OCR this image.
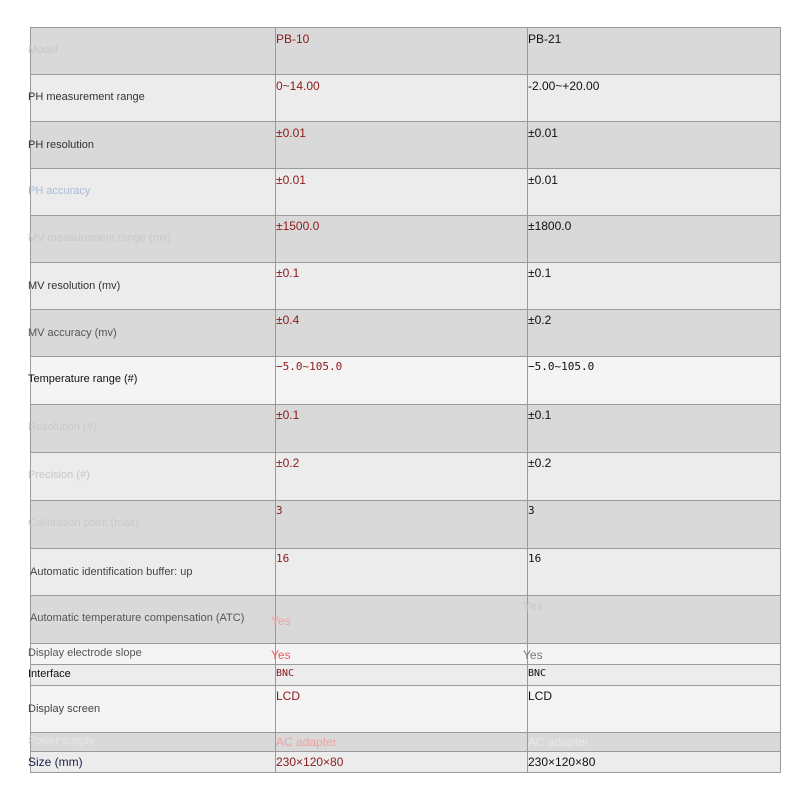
Model	PB-10	PB-21

PH measurement range	0~14.00	-2.00~+20.00

PH resolution	±0.01	±0.01

PH accuracy	±0.01	±0.01

MV measurement range (mv)	±1500.0	±1800.0

MV resolution (mv)	±0.1	±0.1

MV accuracy (mv)	±0.4	±0.2

Temperature range (#)	−5.0~105.0	−5.0~105.0

Resolution (#)	±0.1	±0.1

Precision (#)	±0.2	±0.2

Calibration point (max)	3	3

Automatic identification buffer: up	16	16

Automatic temperature compensation (ATC)	Yes	Yes

Display electrode slope	Yes	Yes

Interface	BNC	BNC

Display screen	LCD	LCD

Power supply	AC adapter	AC adapter

Size (mm)	230×120×80	230×120×80
